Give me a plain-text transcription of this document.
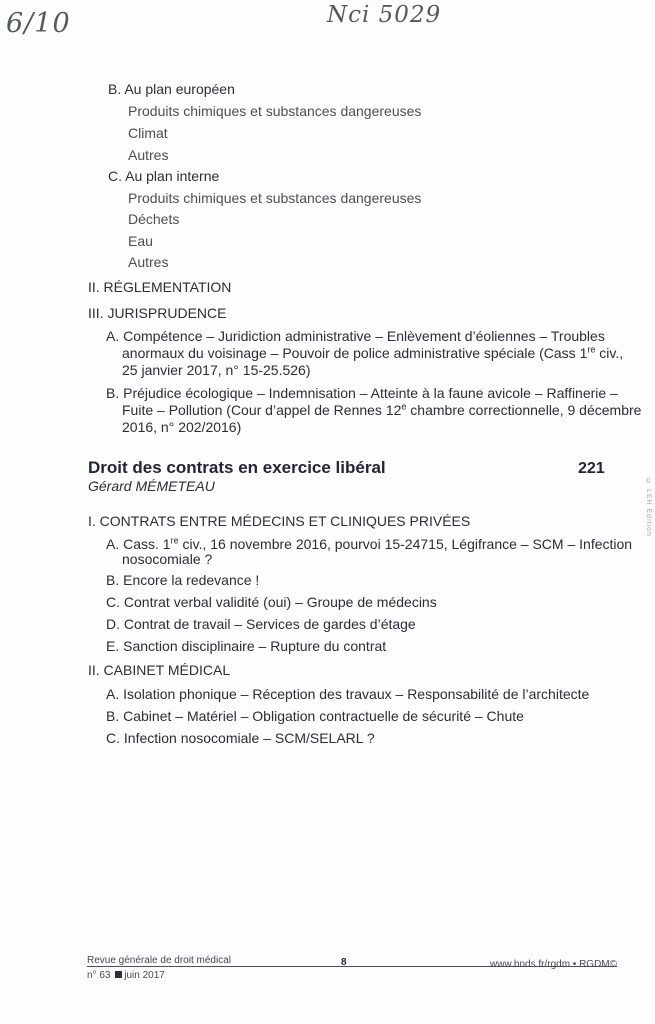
6/10	Nci 5029
© LEH Édition
B. Au plan européen
Produits chimiques et substances dangereuses
Climat
Autres
C. Au plan interne
Produits chimiques et substances dangereuses
Déchets
Eau
Autres
II. RÉGLEMENTATION
III. JURISPRUDENCE
A. Compétence – Juridiction administrative – Enlèvement d’éoliennes – Troubles
anormaux du voisinage – Pouvoir de police administrative spéciale (Cass 1re civ.,
25 janvier 2017, n° 15-25.526)
B. Préjudice écologique – Indemnisation – Atteinte à la faune avicole – Raffinerie –
Fuite – Pollution (Cour d’appel de Rennes 12e chambre correctionnelle, 9 décembre
2016, n° 202/2016)
Droit des contrats en exercice libéral	221
Gérard MÉMETEAU
I. CONTRATS ENTRE MÉDECINS ET CLINIQUES PRIVÉES
A. Cass. 1re civ., 16 novembre 2016, pourvoi 15-24715, Légifrance – SCM – Infection
nosocomiale ?
B. Encore la redevance !
C. Contrat verbal validité (oui) – Groupe de médecins
D. Contrat de travail – Services de gardes d’étage
E. Sanction disciplinaire – Rupture du contrat
II. CABINET MÉDICAL
A. Isolation phonique – Réception des travaux – Responsabilité de l’architecte
B. Cabinet – Matériel – Obligation contractuelle de sécurité – Chute
C. Infection nosocomiale – SCM/SELARL ?
Revue générale de droit médical	8	www.bnds.fr/rgdm • RGDM©
n° 63 juin 2017
